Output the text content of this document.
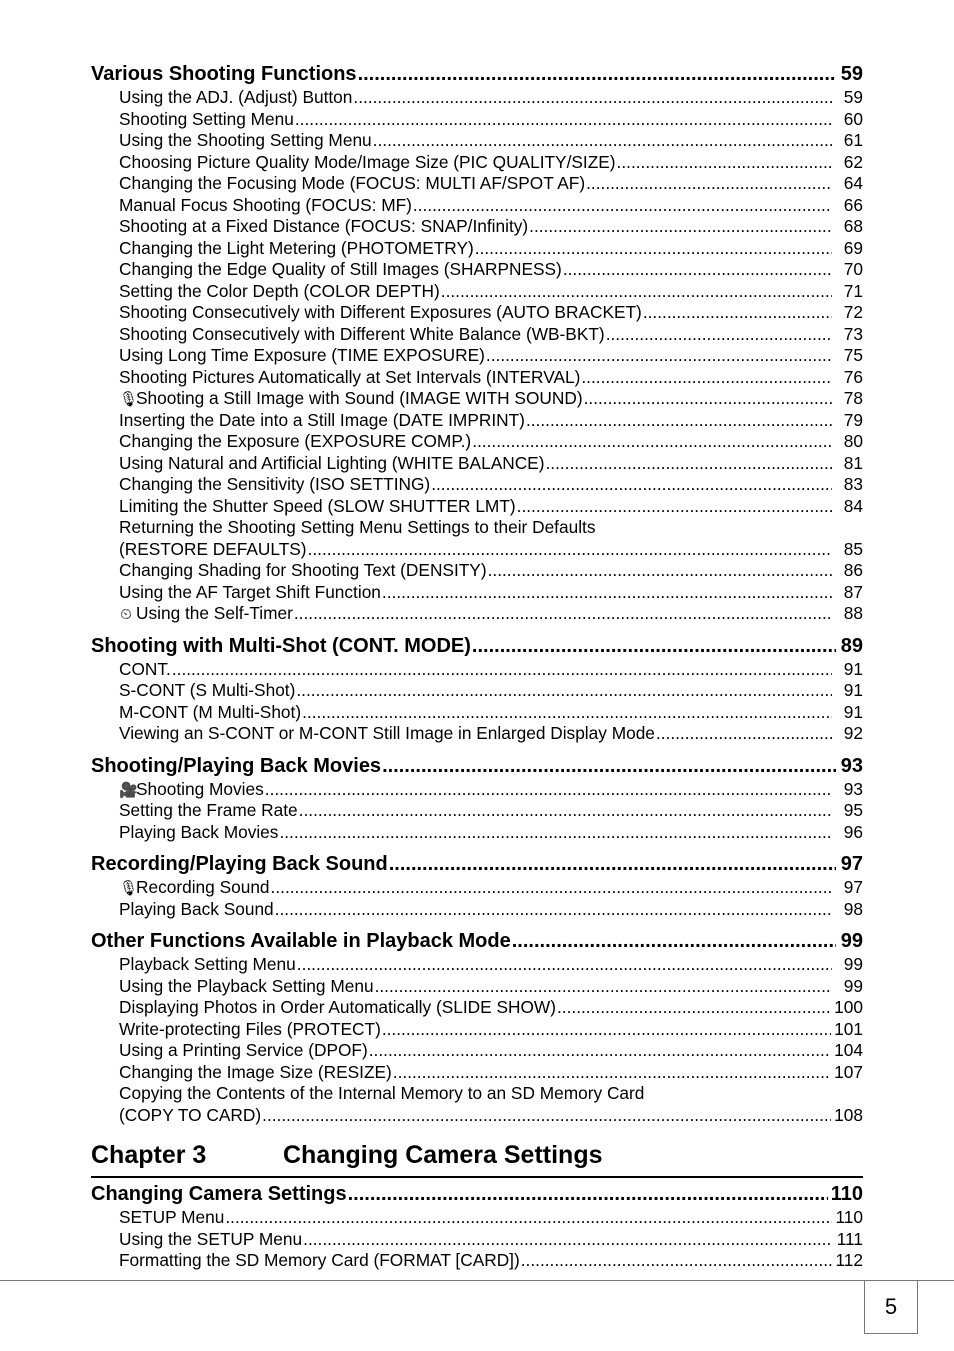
Various Shooting Functions .....	59
Using the ADJ. (Adjust) Button .....	59
Shooting Setting Menu .....	60
Using the Shooting Setting Menu .....	61
Choosing Picture Quality Mode/Image Size (PIC QUALITY/SIZE) .....	62
Changing the Focusing Mode (FOCUS: MULTI AF/SPOT AF) .....	64
Manual Focus Shooting (FOCUS: MF) .....	66
Shooting at a Fixed Distance (FOCUS: SNAP/Infinity) .....	68
Changing the Light Metering (PHOTOMETRY) .....	69
Changing the Edge Quality of Still Images (SHARPNESS) .....	70
Setting the Color Depth (COLOR DEPTH) .....	71
Shooting Consecutively with Different Exposures (AUTO BRACKET) .....	72
Shooting Consecutively with Different White Balance (WB-BKT) .....	73
Using Long Time Exposure (TIME EXPOSURE) .....	75
Shooting Pictures Automatically at Set Intervals (INTERVAL) .....	76
🎙Shooting a Still Image with Sound (IMAGE WITH SOUND) .....	78
Inserting the Date into a Still Image (DATE IMPRINT) .....	79
Changing the Exposure (EXPOSURE COMP.) .....	80
Using Natural and Artificial Lighting (WHITE BALANCE) .....	81
Changing the Sensitivity (ISO SETTING) .....	83
Limiting the Shutter Speed (SLOW SHUTTER LMT) .....	84
Returning the Shooting Setting Menu Settings to their Defaults
(RESTORE DEFAULTS) .....	85
Changing Shading for Shooting Text (DENSITY) .....	86
Using the AF Target Shift Function .....	87
⏲ Using the Self-Timer .....	88
Shooting with Multi-Shot (CONT. MODE) .....	89
CONT. .....	91
S-CONT (S Multi-Shot) .....	91
M-CONT (M Multi-Shot) .....	91
Viewing an S-CONT or M-CONT Still Image in Enlarged Display Mode .....	92
Shooting/Playing Back Movies .....	93
🎥Shooting Movies .....	93
Setting the Frame Rate .....	95
Playing Back Movies .....	96
Recording/Playing Back Sound .....	97
🎙Recording Sound .....	97
Playing Back Sound .....	98
Other Functions Available in Playback Mode .....	99
Playback Setting Menu .....	99
Using the Playback Setting Menu .....	99
Displaying Photos in Order Automatically (SLIDE SHOW) .....	100
Write-protecting Files (PROTECT) .....	101
Using a Printing Service (DPOF) .....	104
Changing the Image Size (RESIZE) .....	107
Copying the Contents of the Internal Memory to an SD Memory Card
(COPY TO CARD) .....	108
Chapter 3	Changing Camera Settings
Changing Camera Settings .....	110
SETUP Menu .....	110
Using the SETUP Menu .....	111
Formatting the SD Memory Card (FORMAT [CARD]) .....	112
5
